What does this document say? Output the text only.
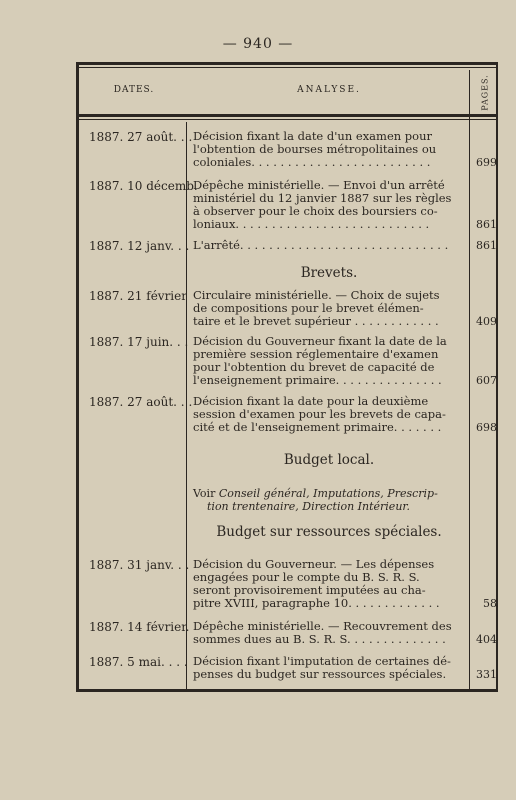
— 940 —
DATES.	ANALYSE.	PAGES.
1887. 27 août. . . Décision fixant la date d'un examen pour
l'obtention de bourses métropolitaines ou
coloniales. . . . . . . . . . . . . . . . . . . . . . . . .	699
1887. 10 décemb.
Dépêche ministérielle. — Envoi d'un arrêté
ministériel du 12 janvier 1887 sur les règles
à observer pour le choix des boursiers co-
loniaux. . . . . . . . . . . . . . . . . . . . . . . . . . .	861
1887. 12 janv. . . L'arrêté. . . . . . . . . . . . . . . . . . . . . . . . . . . . .	861
Brevets.
1887. 21 février Circulaire ministérielle. — Choix de sujets
de compositions pour le brevet élémen-
taire et le brevet supérieur . . . . . . . . . . . .	409
1887. 17 juin. . . Décision du Gouverneur fixant la date de la
première session réglementaire d'examen
pour l'obtention du brevet de capacité de
l'enseignement primaire. . . . . . . . . . . . . . .	607
1887. 27 août. . . Décision fixant la date pour la deuxième
session d'examen pour les brevets de capa-
cité et de l'enseignement primaire. . . . . . .	698
Budget local.
Voir Conseil général, Imputations, Prescrip-
tion trentenaire, Direction Intérieur.
Budget sur ressources spéciales.
1887. 31 janv. . . Décision du Gouverneur. — Les dépenses
engagées pour le compte du B. S. R. S.
seront provisoirement imputées au cha-
pitre XVIII, paragraphe 10. . . . . . . . . . . . .	58
1887. 14 février. Dépêche ministérielle. — Recouvrement des
sommes dues au B. S. R. S. . . . . . . . . . . . . .	404
1887. 5 mai. . . . Décision fixant l'imputation de certaines dé-
penses du budget sur ressources spéciales.	331
